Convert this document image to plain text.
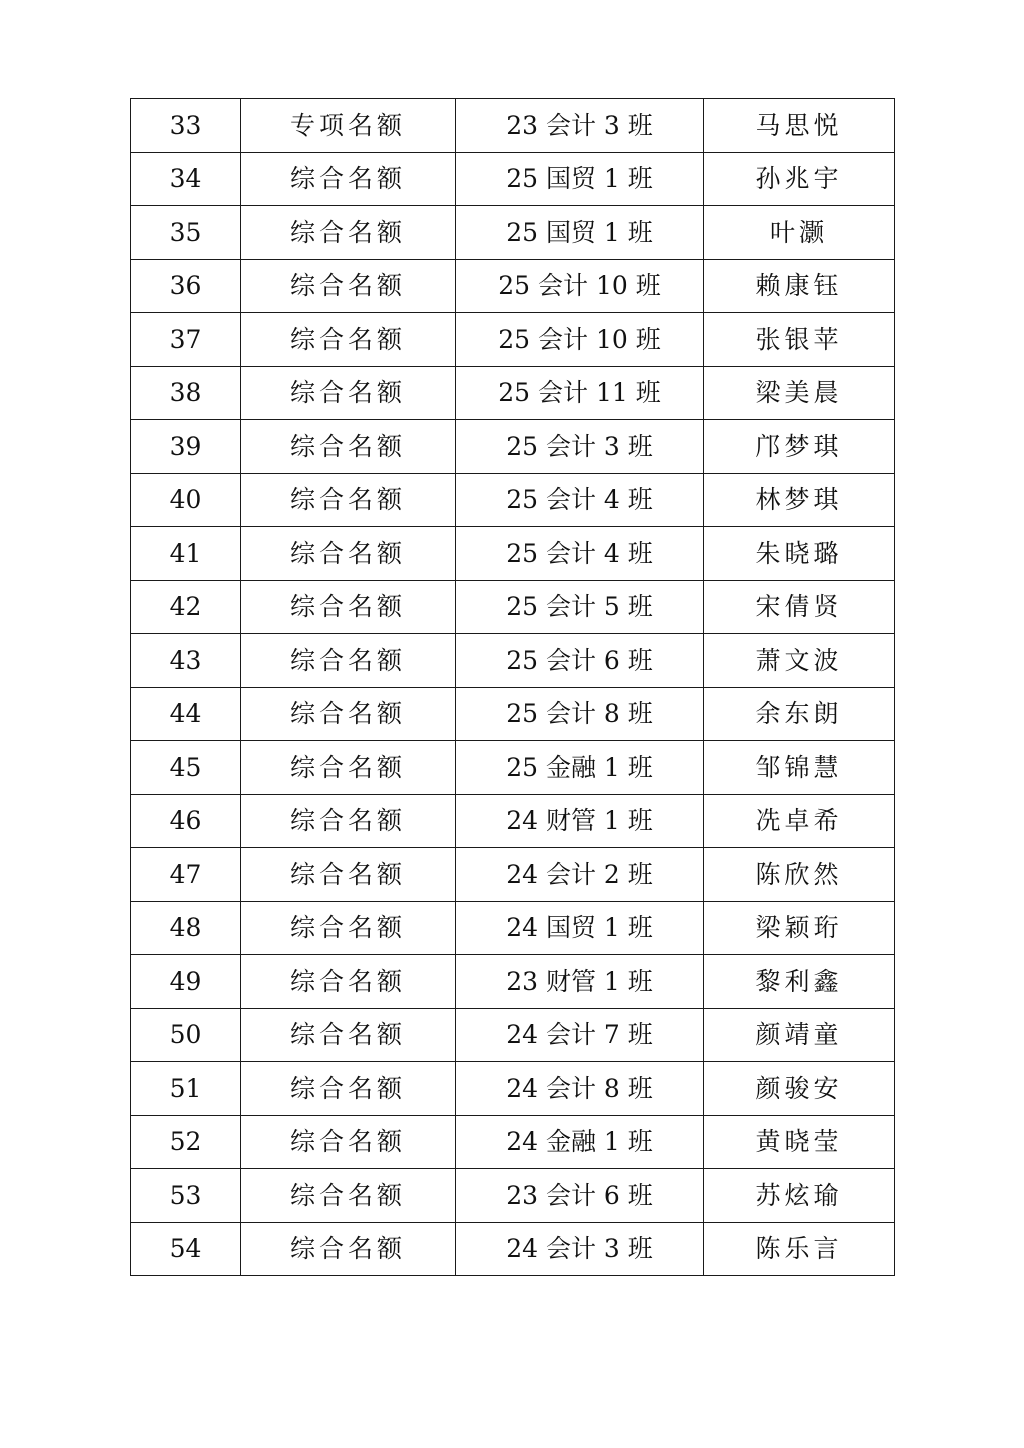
33	专项名额	23 会计 3 班	马思悦
34	综合名额	25 国贸 1 班	孙兆宇
35	综合名额	25 国贸 1 班	叶灏
36	综合名额	25 会计 10 班	赖康钰
37	综合名额	25 会计 10 班	张银苹
38	综合名额	25 会计 11 班	梁美晨
39	综合名额	25 会计 3 班	邝梦琪
40	综合名额	25 会计 4 班	林梦琪
41	综合名额	25 会计 4 班	朱晓璐
42	综合名额	25 会计 5 班	宋倩贤
43	综合名额	25 会计 6 班	萧文波
44	综合名额	25 会计 8 班	余东朗
45	综合名额	25 金融 1 班	邹锦慧
46	综合名额	24 财管 1 班	冼卓希
47	综合名额	24 会计 2 班	陈欣然
48	综合名额	24 国贸 1 班	梁颖珩
49	综合名额	23 财管 1 班	黎利鑫
50	综合名额	24 会计 7 班	颜靖童
51	综合名额	24 会计 8 班	颜骏安
52	综合名额	24 金融 1 班	黄晓莹
53	综合名额	23 会计 6 班	苏炫瑜
54	综合名额	24 会计 3 班	陈乐言
